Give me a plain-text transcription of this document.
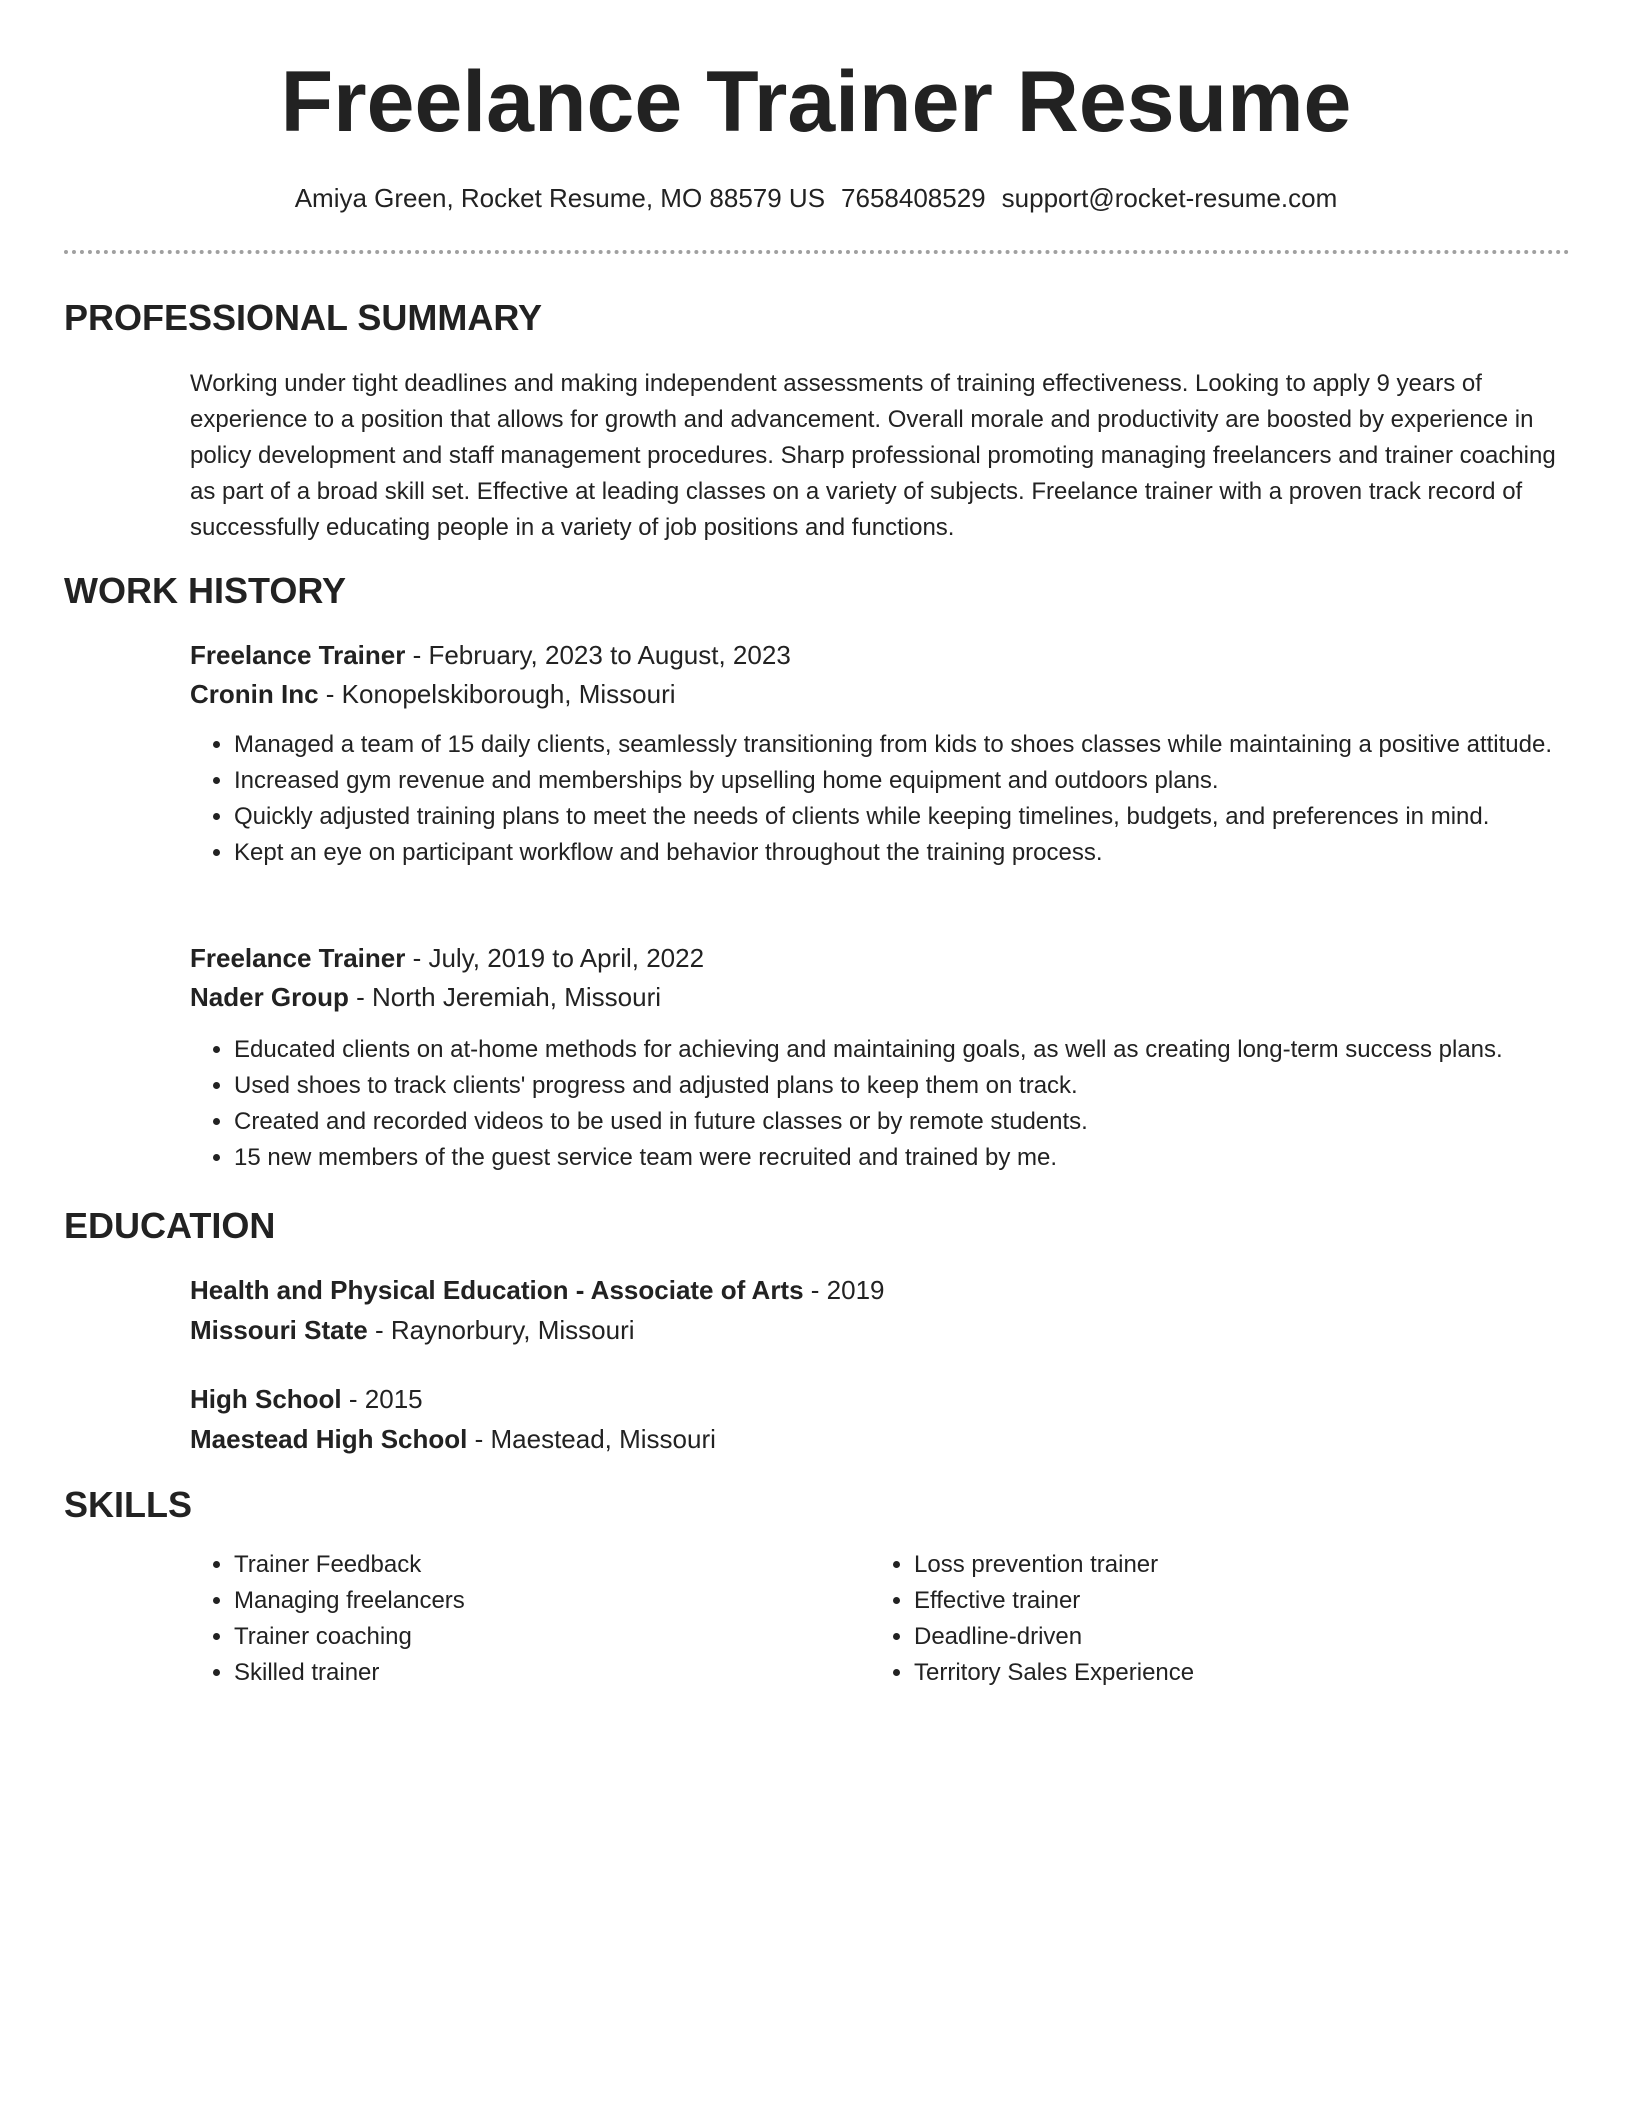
Freelance Trainer Resume
Amiya Green, Rocket Resume, MO 88579 US 7658408529 support@rocket-resume.com
PROFESSIONAL SUMMARY

Working under tight deadlines and making independent assessments of training effectiveness. Looking to apply 9 years of experience to a position that allows for growth and advancement. Overall morale and productivity are boosted by experience in policy development and staff management procedures. Sharp professional promoting managing freelancers and trainer coaching as part of a broad skill set. Effective at leading classes on a variety of subjects. Freelance trainer with a proven track record of successfully educating people in a variety of job positions and functions.

WORK HISTORY
Freelance Trainer - February, 2023 to August, 2023
Cronin Inc - Konopelskiborough, Missouri
• Managed a team of 15 daily clients, seamlessly transitioning from kids to shoes classes while maintaining a positive attitude.
• Increased gym revenue and memberships by upselling home equipment and outdoors plans.
• Quickly adjusted training plans to meet the needs of clients while keeping timelines, budgets, and preferences in mind.
• Kept an eye on participant workflow and behavior throughout the training process.
Freelance Trainer - July, 2019 to April, 2022
Nader Group - North Jeremiah, Missouri
• Educated clients on at-home methods for achieving and maintaining goals, as well as creating long-term success plans.
• Used shoes to track clients' progress and adjusted plans to keep them on track.
• Created and recorded videos to be used in future classes or by remote students.
• 15 new members of the guest service team were recruited and trained by me.
EDUCATION
Health and Physical Education - Associate of Arts - 2019
Missouri State - Raynorbury, Missouri
High School - 2015
Maestead High School - Maestead, Missouri
SKILLS
• Trainer Feedback
• Managing freelancers
• Trainer coaching
• Skilled trainer
• Loss prevention trainer
• Effective trainer
• Deadline-driven
• Territory Sales Experience
